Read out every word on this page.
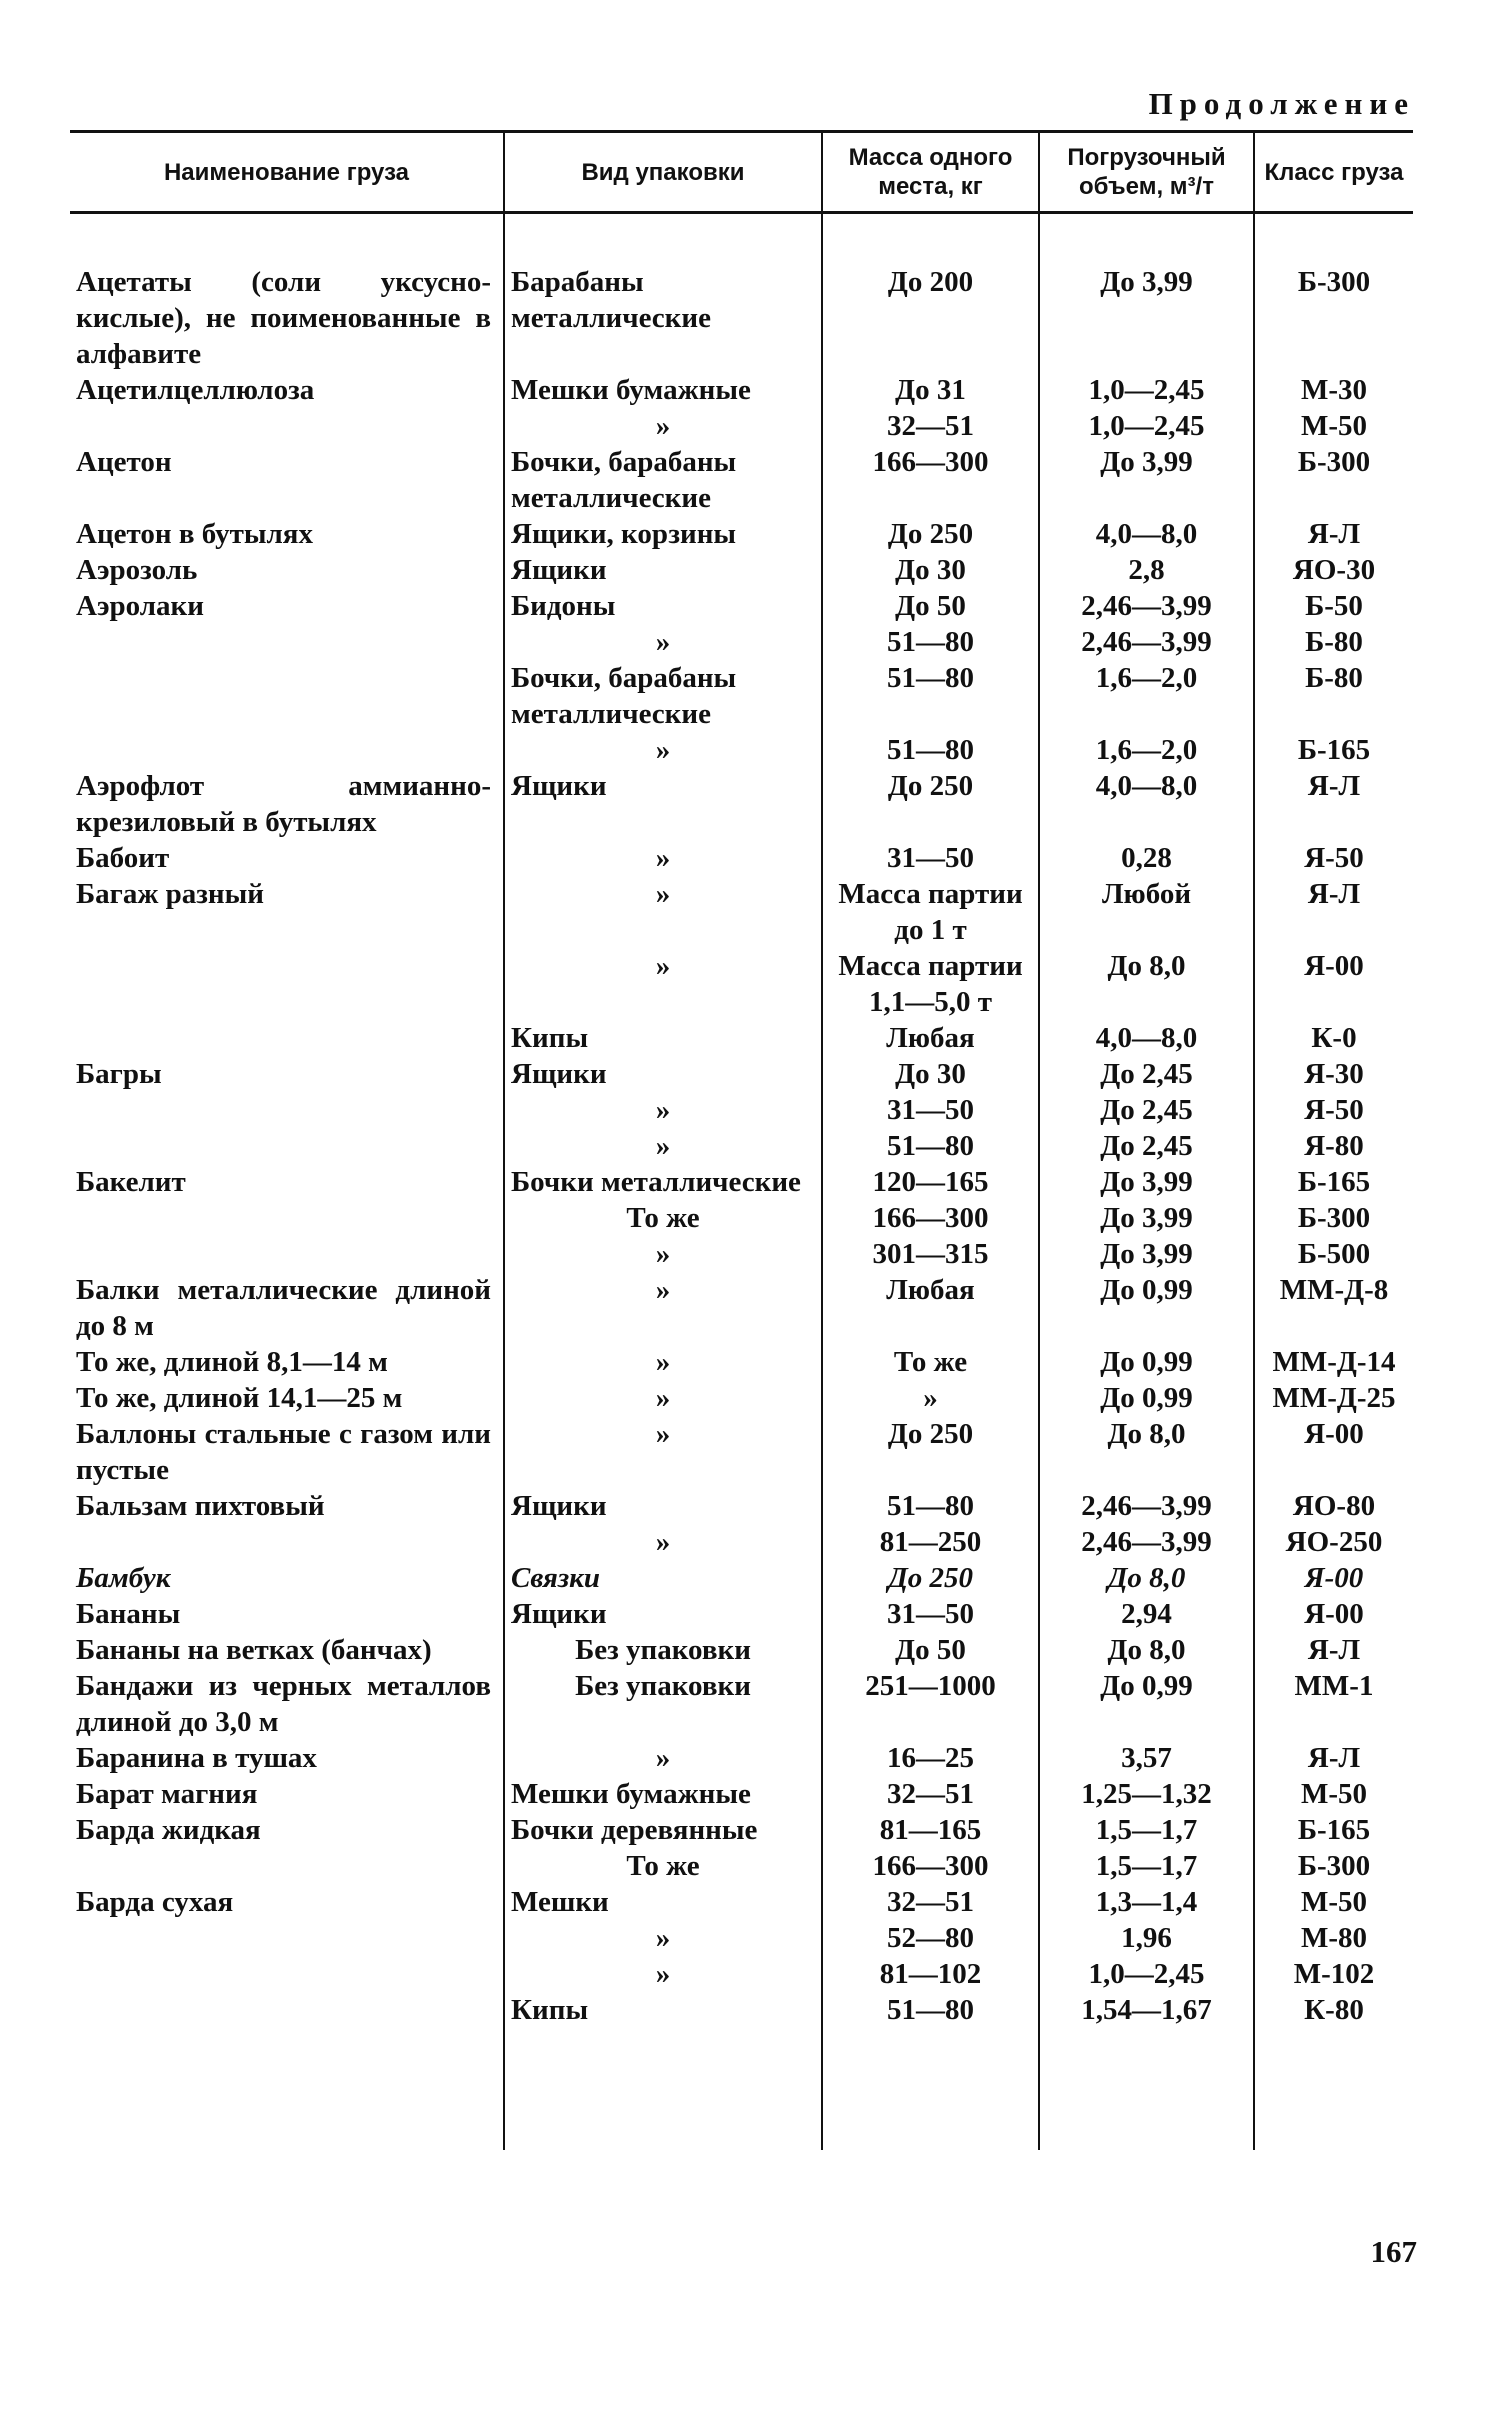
Продолжение
Наименование груза	Вид упаковки	Масса одного места, кг	Погрузочный объем, м³/т	Класс груза

Ацетаты (соли уксусно-кислые), не поименованные в алфавите	Барабаны металлические	До 200	До 3,99	Б-300
Ацетилцеллюлоза	Мешки бумажные	До 31	1,0—2,45	М-30
	»	32—51	1,0—2,45	М-50
Ацетон	Бочки, барабаны металлические	166—300	До 3,99	Б-300
Ацетон в бутылях	Ящики, корзины	До 250	4,0—8,0	Я-Л
Аэрозоль	Ящики	До 30	2,8	ЯО-30
Аэролаки	Бидоны	До 50	2,46—3,99	Б-50
	»	51—80	2,46—3,99	Б-80
	Бочки, барабаны металлические	51—80	1,6—2,0	Б-80
	»	51—80	1,6—2,0	Б-165
Аэрофлот аммианно-крезиловый в бутылях	Ящики	До 250	4,0—8,0	Я-Л
Бабоит	»	31—50	0,28	Я-50
Багаж разный	»	Масса партии до 1 т	Любой	Я-Л
	»	Масса партии 1,1—5,0 т	До 8,0	Я-00
	Кипы	Любая	4,0—8,0	К-0
Багры	Ящики	До 30	До 2,45	Я-30
	»	31—50	До 2,45	Я-50
	»	51—80	До 2,45	Я-80
Бакелит	Бочки металлические	120—165	До 3,99	Б-165
	То же	166—300	До 3,99	Б-300
	»	301—315	До 3,99	Б-500
Балки металлические длиной до 8 м	»	Любая	До 0,99	ММ-Д-8
То же, длиной 8,1—14 м	»	То же	До 0,99	ММ-Д-14
То же, длиной 14,1—25 м	»	»	До 0,99	ММ-Д-25
Баллоны стальные с газом или пустые	»	До 250	До 8,0	Я-00
Бальзам пихтовый	Ящики	51—80	2,46—3,99	ЯО-80
	»	81—250	2,46—3,99	ЯО-250
Бамбук	Связки	До 250	До 8,0	Я-00
Бананы	Ящики	31—50	2,94	Я-00
Бананы на ветках (банчах)	Без упаковки	До 50	До 8,0	Я-Л
Бандажи из черных металлов длиной до 3,0 м	Без упаковки	251—1000	До 0,99	ММ-1
Баранина в тушах	»	16—25	3,57	Я-Л
Барат магния	Мешки бумажные	32—51	1,25—1,32	М-50
Барда жидкая	Бочки деревянные	81—165	1,5—1,7	Б-165
	То же	166—300	1,5—1,7	Б-300
Барда сухая	Мешки	32—51	1,3—1,4	М-50
	»	52—80	1,96	М-80
	»	81—102	1,0—2,45	М-102
	Кипы	51—80	1,54—1,67	К-80

167
